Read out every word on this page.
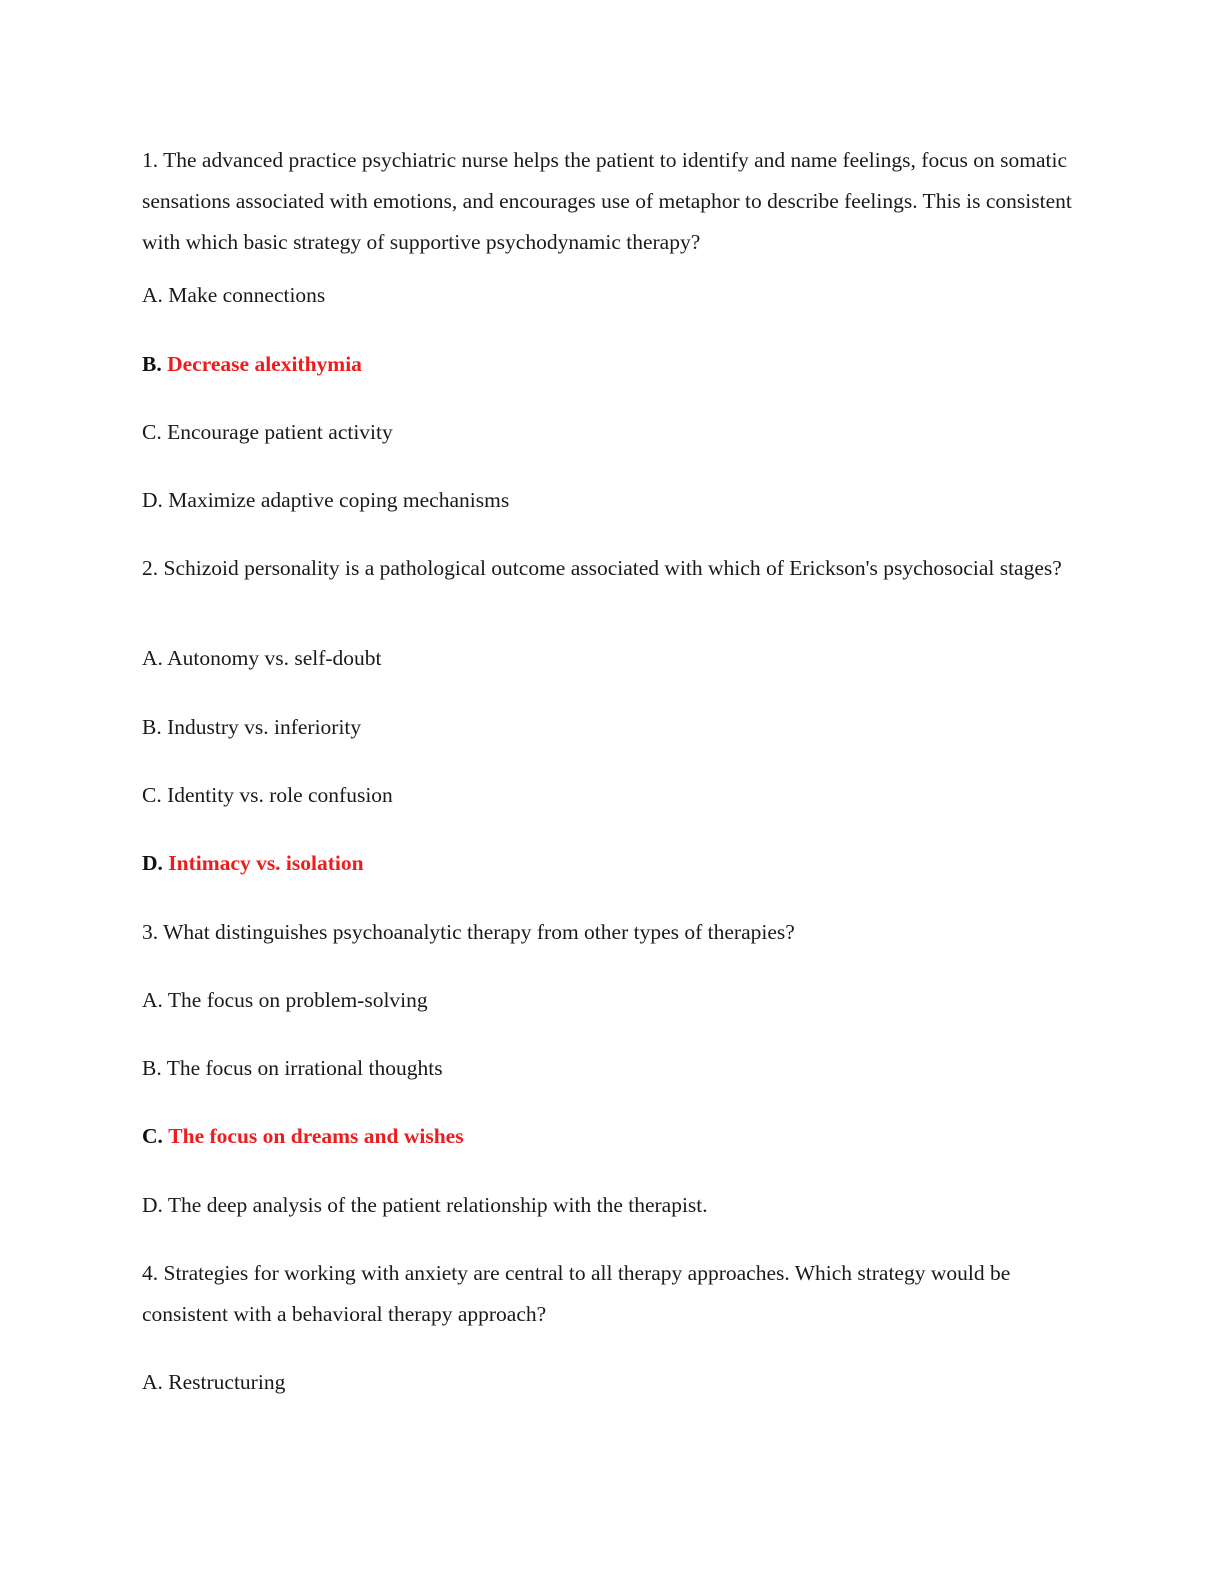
1. The advanced practice psychiatric nurse helps the patient to identify and name feelings, focus on somatic sensations associated with emotions, and encourages use of metaphor to describe feelings. This is consistent with which basic strategy of supportive psychodynamic therapy?
A. Make connections
B. Decrease alexithymia
C. Encourage patient activity
D. Maximize adaptive coping mechanisms
2. Schizoid personality is a pathological outcome associated with which of Erickson's psychosocial stages?
A. Autonomy vs. self-doubt
B. Industry vs. inferiority
C. Identity vs. role confusion
D. Intimacy vs. isolation
3. What distinguishes psychoanalytic therapy from other types of therapies?
A. The focus on problem-solving
B. The focus on irrational thoughts
C. The focus on dreams and wishes
D. The deep analysis of the patient relationship with the therapist.
4. Strategies for working with anxiety are central to all therapy approaches. Which strategy would be consistent with a behavioral therapy approach?
A. Restructuring
